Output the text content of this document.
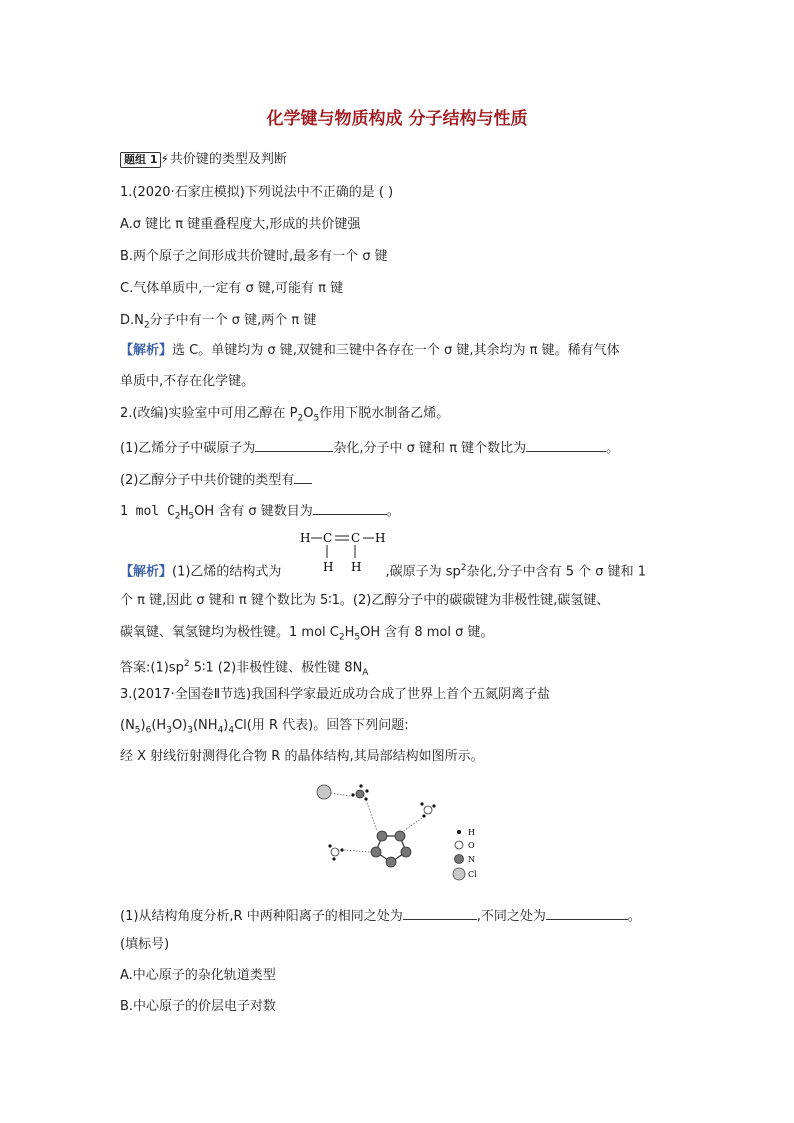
化学键与物质构成 分子结构与性质
题组 1 ⚡共价键的类型及判断
1.(2020·石家庄模拟)下列说法中不正确的是 ( )
A.σ 键比 π 键重叠程度大,形成的共价键强
B.两个原子之间形成共价键时,最多有一个 σ 键
C.气体单质中,一定有 σ 键,可能有 π 键
$D.N_2$分子中有一个 σ 键,两个 π 键
【解析】选 C。单键均为 σ 键,双键和三键中各存在一个 σ 键,其余均为 π 键。稀有气体
单质中,不存在化学键。
2.(改编)实验室中可用乙醇在 $P_2O_5$作用下脱水制备乙烯。
(1)乙烯分子中碳原子为	杂化,分子中 σ 键和 π 键个数比为	。
(2)乙醇分子中共价键的类型有
1 mol $C_2H_5OH$ 含有 σ 键数目为	。
H C C H
H H
【解析】(1)乙烯的结构式为	,碳原子为 $sp^2$杂化,分子中含有 5 个 σ 键和 1
个 π 键,因此 σ 键和 π 键个数比为 5∶1。(2)乙醇分子中的碳碳键为非极性键,碳氢键、
碳氧键、氧氢键均为极性键。1 mol $C_2H_5OH$ 含有 8 mol σ 键。
答案$:(1)sp^2$ 5∶1 (2)非极性键、极性键 $8N_A$
3.(2017·全国卷Ⅱ节选)我国科学家最近成功合成了世界上首个五氮阴离子盐
$(N_5)_6(H_3O)_3(NH_4)_4Cl$(用 R 代表)。回答下列问题:
经 X 射线衍射测得化合物 R 的晶体结构,其局部结构如图所示。
H
O
N
Cl
(1)从结构角度分析,R 中两种阳离子的相同之处为	,不同之处为	。
(填标号)
A.中心原子的杂化轨道类型
B.中心原子的价层电子对数
